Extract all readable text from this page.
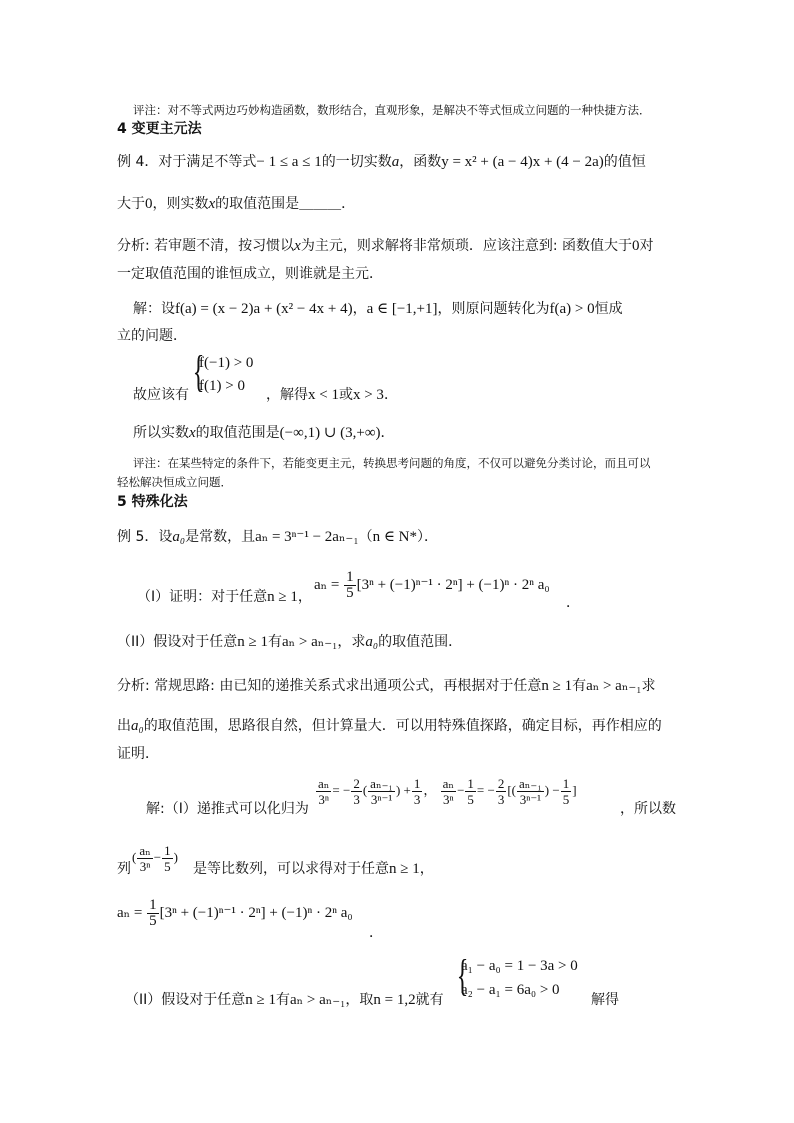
评注：对不等式两边巧妙构造函数，数形结合，直观形象，是解决不等式恒成立问题的一种快捷方法．
4 变更主元法
例 4．对于满足不等式− 1 ≤ a ≤ 1的一切实数a，函数y = x² + (a − 4)x + (4 − 2a)的值恒
大于0，则实数x的取值范围是＿＿＿．
分析: 若审题不清，按习惯以x为主元，则求解将非常烦琐．应该注意到: 函数值大于0对
一定取值范围的谁恒成立，则谁就是主元．
解：设f(a) = (x − 2)a + (x² − 4x + 4)，a ∈ [−1,+1]，则原问题转化为f(a) > 0恒成
立的问题．
{
f(−1) > 0
f(1) > 0
故应该有	，解得x < 1或x > 3．
所以实数x的取值范围是(−∞,1) ∪ (3,+∞)．
评注：在某些特定的条件下，若能变更主元，转换思考问题的角度，不仅可以避免分类讨论，而且可以
轻松解决恒成立问题．
5 特殊化法
例 5．设a₀是常数，且aₙ = 3ⁿ⁻¹ − 2aₙ₋₁（n ∈ N*）．
（I）证明：对于任意n ≥ 1，
$a_n = \frac{1}{5} [3^n + (-1)^{n-1} \cdot 2^n] + (-1)^n \cdot 2^n$ a₀
．
（II）假设对于任意n ≥ 1有aₙ > aₙ₋₁，求a₀的取值范围．
分析: 常规思路: 由已知的递推关系式求出通项公式，再根据对于任意n ≥ 1有aₙ > aₙ₋₁求
出a₀的取值范围，思路很自然，但计算量大．可以用特殊值探路，确定目标，再作相应的
证明．
解:（I）递推式可以化归为
$\frac{\text{aₙ}}{\text{3ⁿ}}$ = − $\frac{2}{3}$ ( $\frac{\text{aₙ₋₁}}{\text{3ⁿ⁻¹}}$ ) + $\frac{1}{3}$ ， $\frac{\text{aₙ}}{\text{3ⁿ}} - \frac{1}{5}$ = − $\frac{2}{3}$ [( $\frac{\text{aₙ₋₁}}{\text{3ⁿ⁻¹}}$ ) − $\frac{1}{5}$ ]
，所以数
列
( $\frac{\text{aₙ}}{\text{3ⁿ}} - \frac{1}{5}$ )
是等比数列，可以求得对于任意n ≥ 1，
$a_n = \frac{1}{5} [3^n + (-1)^{n-1} \cdot 2^n] + (-1)^n \cdot 2^n$ a₀
．
{
a₁ − a₀ = 1 − 3a > 0
a₂ − a₁ = 6a₀ > 0
（II）假设对于任意n ≥ 1有aₙ > aₙ₋₁，取n = 1,2就有	解得
